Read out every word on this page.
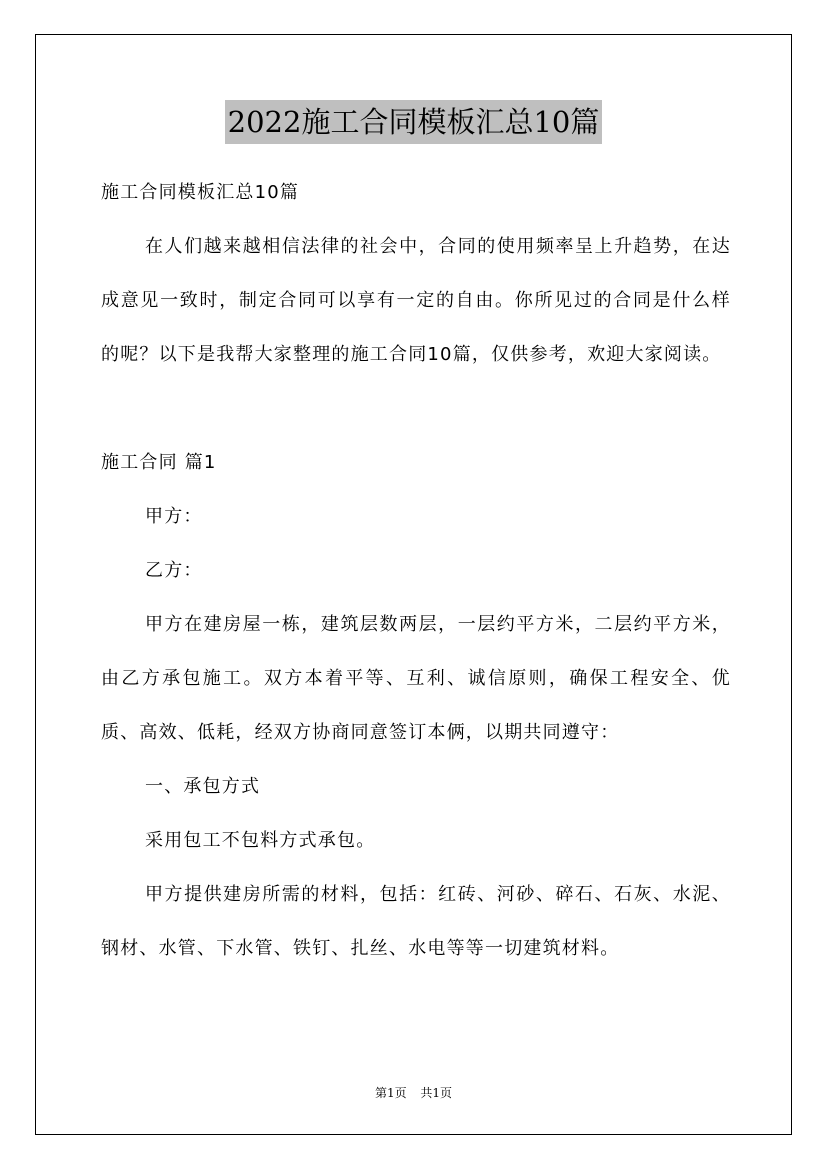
2022施工合同模板汇总10篇

施工合同模板汇总10篇

在人们越来越相信法律的社会中，合同的使用频率呈上升趋势，在达成意见一致时，制定合同可以享有一定的自由。你所见过的合同是什么样的呢？以下是我帮大家整理的施工合同10篇，仅供参考，欢迎大家阅读。

施工合同 篇1

甲方：

乙方：

甲方在建房屋一栋，建筑层数两层，一层约平方米，二层约平方米，由乙方承包施工。双方本着平等、互利、诚信原则，确保工程安全、优质、高效、低耗，经双方协商同意签订本俩，以期共同遵守：

一、承包方式

采用包工不包料方式承包。

甲方提供建房所需的材料，包括：红砖、河砂、碎石、石灰、水泥、钢材、水管、下水管、铁钉、扎丝、水电等等一切建筑材料。

第1页 共1页
